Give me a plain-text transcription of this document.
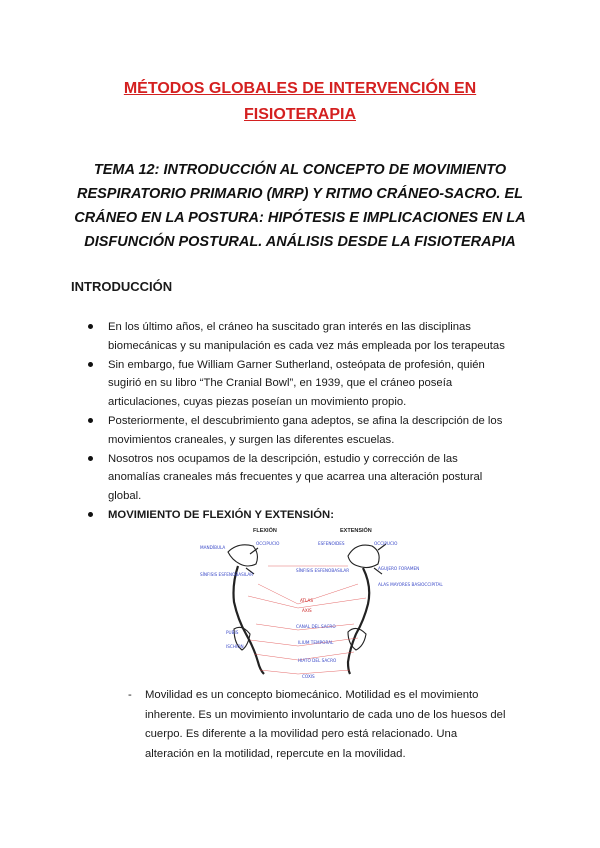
MÉTODOS GLOBALES DE INTERVENCIÓN EN
FISIOTERAPIA
TEMA 12: INTRODUCCIÓN AL CONCEPTO DE MOVIMIENTO
RESPIRATORIO PRIMARIO (MRP) Y RITMO CRÁNEO-SACRO. EL
CRÁNEO EN LA POSTURA: HIPÓTESIS E IMPLICACIONES EN LA
DISFUNCIÓN POSTURAL. ANÁLISIS DESDE LA FISIOTERAPIA
INTRODUCCIÓN
En los último años, el cráneo ha suscitado gran interés en las disciplinas
biomecánicas y su manipulación es cada vez más empleada por los terapeutas
Sin embargo, fue William Garner Sutherland, osteópata de profesión, quién
sugirió en su libro “The Cranial Bowl”, en 1939, que el cráneo poseía
articulaciones, cuyas piezas poseían un movimiento propio.
Posteriormente, el descubrimiento gana adeptos, se afina la descripción de los
movimientos craneales, y surgen las diferentes escuelas.
Nosotros nos ocupamos de la descripción, estudio y corrección de las
anomalías craneales más frecuentes y que acarrea una alteración postural
global.
MOVIMIENTO DE FLEXIÓN Y EXTENSIÓN:
FLEXIÓN	EXTENSIÓN
MANDÍBULA
OCCIPUCIO	ESFENOIDES	OCCIPUCIO
SÍNFISIS ESFENOBASILAR
SÍNFISIS ESFENOBASILAR	AGUJERO FORAMEN
ALAS MAYORES BASIOCCIPITAL
ATLAS
AXIS
CANAL DEL SACRO
PUBIS
ILIUM TEMPORAL
ISCHION
HIATO DEL SACRO
COXIS
- Movilidad es un concepto biomecánico. Motilidad es el movimiento
inherente. Es un movimiento involuntario de cada uno de los huesos del
cuerpo. Es diferente a la movilidad pero está relacionado. Una
alteración en la motilidad, repercute en la movilidad.
